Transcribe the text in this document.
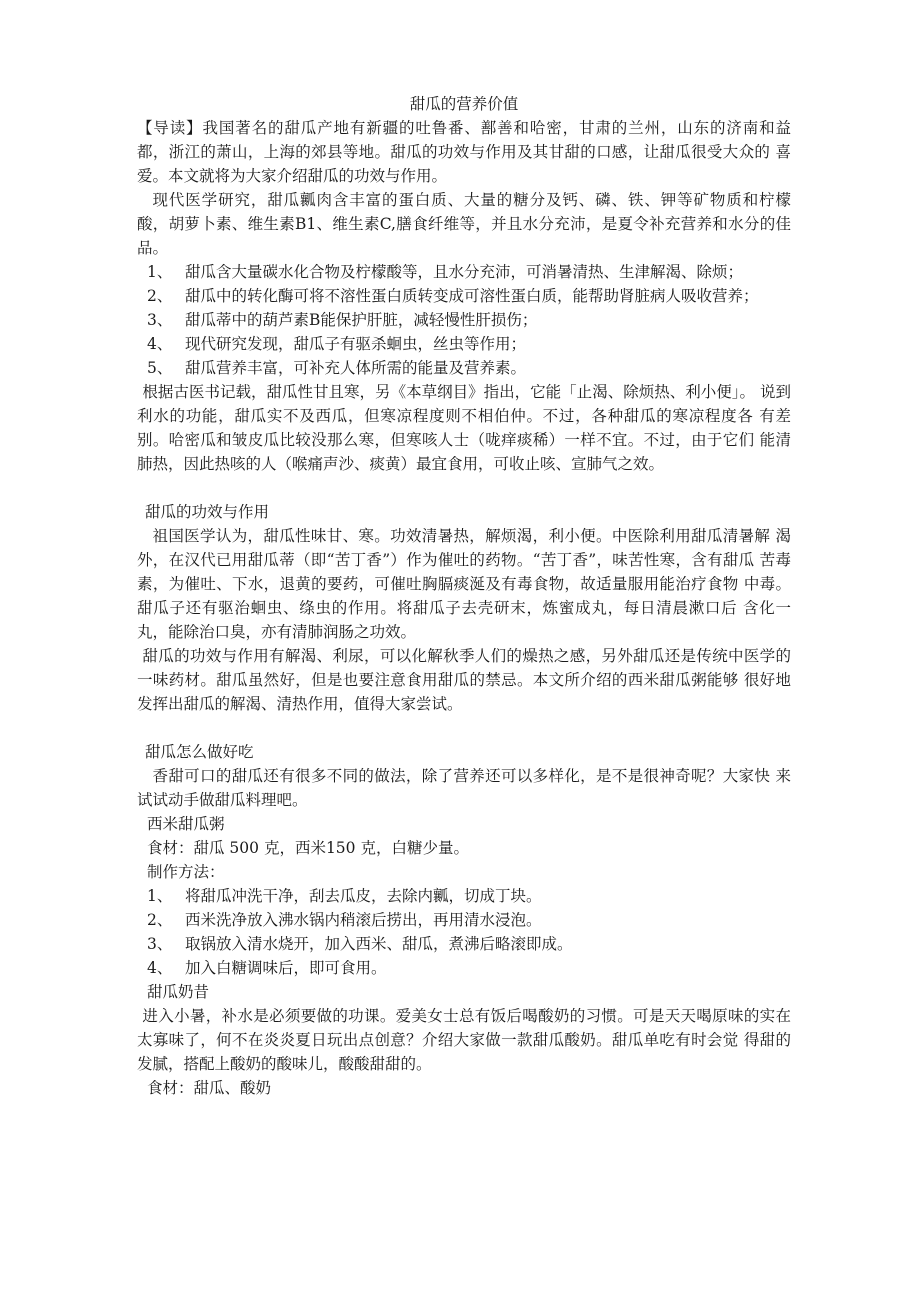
甜瓜的营养价值

【导读】我国著名的甜瓜产地有新疆的吐鲁番、鄯善和哈密，甘肃的兰州，山东的济南和益 都，浙江的萧山，上海的郊县等地。甜瓜的功效与作用及其甘甜的口感，让甜瓜很受大众的 喜爱。本文就将为大家介绍甜瓜的功效与作用。

现代医学研究，甜瓜瓤肉含丰富的蛋白质、大量的糖分及钙、磷、铁、钾等矿物质和柠檬 酸，胡萝卜素、维生素B1、维生素C,膳食纤维等，并且水分充沛，是夏令补充营养和水分的佳品。

1、 甜瓜含大量碳水化合物及柠檬酸等，且水分充沛，可消暑清热、生津解渴、除烦；
2、 甜瓜中的转化酶可将不溶性蛋白质转变成可溶性蛋白质，能帮助肾脏病人吸收营养；
3、 甜瓜蒂中的葫芦素B能保护肝脏，减轻慢性肝损伤；
4、 现代研究发现，甜瓜子有驱杀蛔虫，丝虫等作用；
5、 甜瓜营养丰富，可补充人体所需的能量及营养素。

根据古医书记载，甜瓜性甘且寒，另《本草纲目》指出，它能「止渴、除烦热、利小便」。 说到利水的功能，甜瓜实不及西瓜，但寒凉程度则不相伯仲。不过，各种甜瓜的寒凉程度各 有差别。哈密瓜和皱皮瓜比较没那么寒，但寒咳人士（咙痒痰稀）一样不宜。不过，由于它们 能清肺热，因此热咳的人（喉痛声沙、痰黄）最宜食用，可收止咳、宣肺气之效。

甜瓜的功效与作用

祖国医学认为，甜瓜性味甘、寒。功效清暑热，解烦渴，利小便。中医除利用甜瓜清暑解 渴外，在汉代已用甜瓜蒂（即“苦丁香”）作为催吐的药物。“苦丁香”，味苦性寒，含有甜瓜 苦毒素，为催吐、下水，退黄的要药，可催吐胸膈痰涎及有毒食物，故适量服用能治疗食物 中毒。甜瓜子还有驱治蛔虫、绦虫的作用。将甜瓜子去壳研末，炼蜜成丸，每日清晨漱口后 含化一丸，能除治口臭，亦有清肺润肠之功效。

甜瓜的功效与作用有解渴、利尿，可以化解秋季人们的燥热之感，另外甜瓜还是传统中医学的一味药材。甜瓜虽然好，但是也要注意食用甜瓜的禁忌。本文所介绍的西米甜瓜粥能够 很好地发挥出甜瓜的解渴、清热作用，值得大家尝试。

甜瓜怎么做好吃

香甜可口的甜瓜还有很多不同的做法，除了营养还可以多样化，是不是很神奇呢？大家快 来试试动手做甜瓜料理吧。

西米甜瓜粥

食材：甜瓜 500 克，西米150 克，白糖少量。

制作方法：

1、 将甜瓜冲洗干净，刮去瓜皮，去除内瓤，切成丁块。
2、 西米洗净放入沸水锅内稍滚后捞出，再用清水浸泡。
3、 取锅放入清水烧开，加入西米、甜瓜，煮沸后略滚即成。
4、 加入白糖调味后，即可食用。

甜瓜奶昔

进入小暑，补水是必须要做的功课。爱美女士总有饭后喝酸奶的习惯。可是天天喝原味的实在太寡味了，何不在炎炎夏日玩出点创意？介绍大家做一款甜瓜酸奶。甜瓜单吃有时会觉 得甜的发腻，搭配上酸奶的酸味儿，酸酸甜甜的。

食材：甜瓜、酸奶
